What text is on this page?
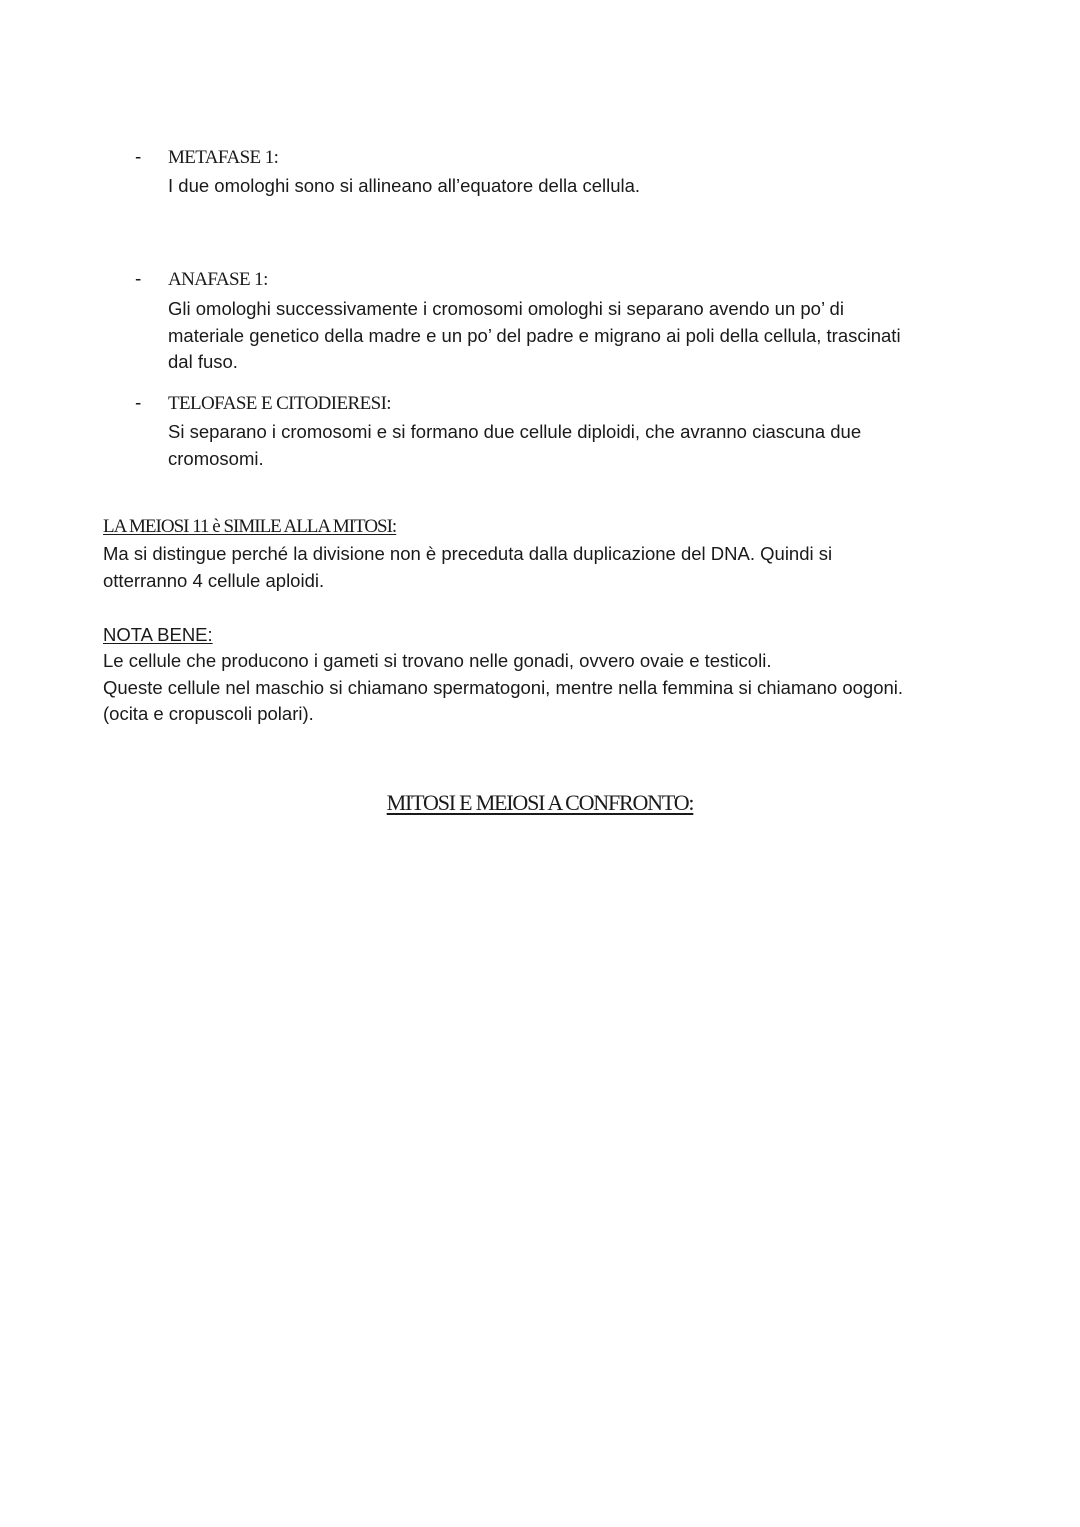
- METAFASE 1:
I due omologhi sono si allineano all’equatore della cellula.
- ANAFASE 1:
Gli omologhi successivamente i cromosomi omologhi si separano avendo un po’ di
materiale genetico della madre e un po’ del padre e migrano ai poli della cellula, trascinati
dal fuso.
- TELOFASE E CITODIERESI:
Si separano i cromosomi e si formano due cellule diploidi, che avranno ciascuna due
cromosomi.
LA MEIOSI 11 è SIMILE ALLA MITOSI:
Ma si distingue perché la divisione non è preceduta dalla duplicazione del DNA. Quindi si
otterranno 4 cellule aploidi.
NOTA BENE:
Le cellule che producono i gameti si trovano nelle gonadi, ovvero ovaie e testicoli.
Queste cellule nel maschio si chiamano spermatogoni, mentre nella femmina si chiamano oogoni.
(ocita e cropuscoli polari).
MITOSI E MEIOSI A CONFRONTO:
